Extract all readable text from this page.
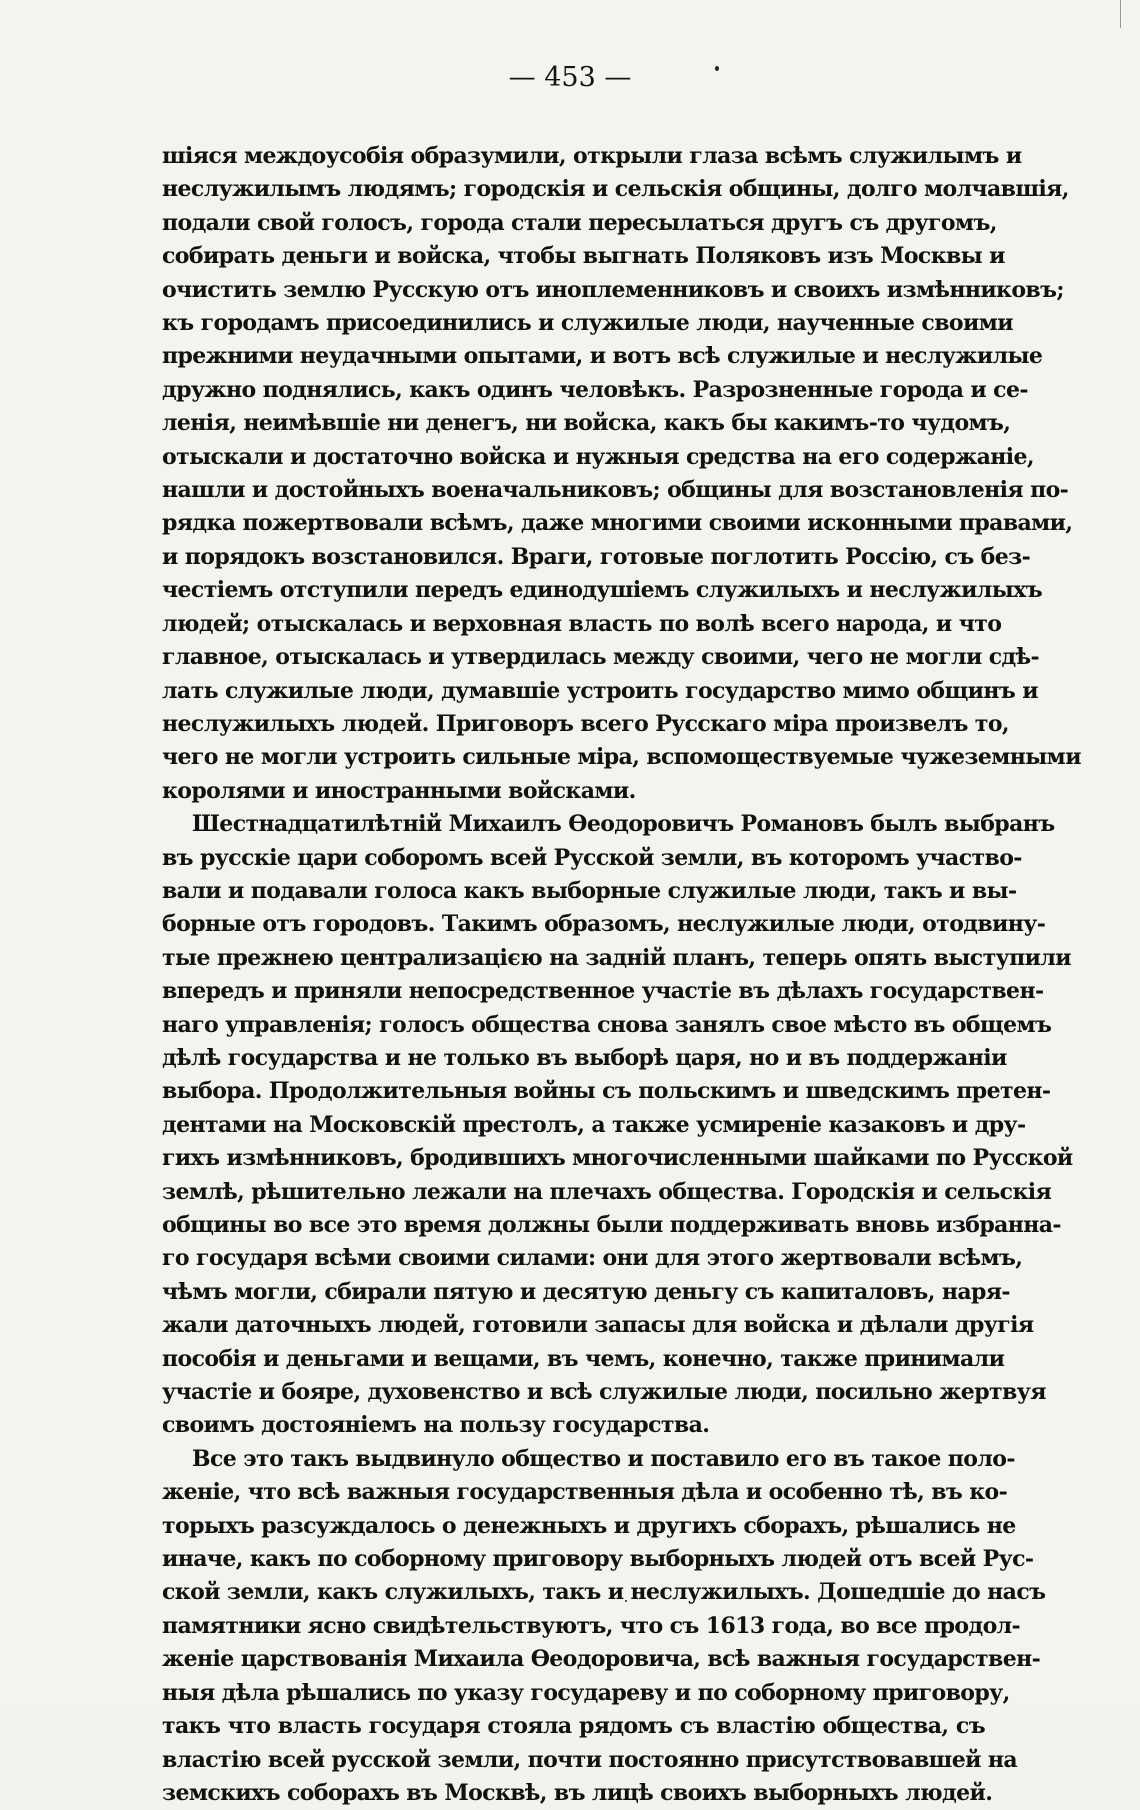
— 453 —
шіяся междоусобія образумили, открыли глаза всѣмъ служилымъ и
неслужилымъ людямъ; городскія и сельскія общины, долго молчавшія,
подали свой голосъ, города стали пересылаться другъ съ другомъ,
собирать деньги и войска, чтобы выгнать Поляковъ изъ Москвы и
очистить землю Русскую отъ иноплеменниковъ и своихъ измѣнниковъ;
къ городамъ присоединились и служилые люди, наученные своими
прежними неудачными опытами, и вотъ всѣ служилые и неслужилые
дружно поднялись, какъ одинъ человѣкъ. Разрозненные города и се-
ленія, неимѣвшіе ни денегъ, ни войска, какъ бы какимъ-то чудомъ,
отыскали и достаточно войска и нужныя средства на его содержаніе,
нашли и достойныхъ военачальниковъ; общины для возстановленія по-
рядка пожертвовали всѣмъ, даже многими своими исконными правами,
и порядокъ возстановился. Враги, готовые поглотить Россію, съ без-
честіемъ отступили передъ единодушіемъ служилыхъ и неслужилыхъ
людей; отыскалась и верховная власть по волѣ всего народа, и что
главное, отыскалась и утвердилась между своими, чего не могли сдѣ-
лать служилые люди, думавшіе устроить государство мимо общинъ и
неслужилыхъ людей. Приговоръ всего Русскаго міра произвелъ то,
чего не могли устроить сильные міра, вспомоществуемые чужеземными
королями и иностранными войсками.
Шестнадцатилѣтній Михаилъ Ѳеодоровичъ Романовъ былъ выбранъ
въ русскіе цари соборомъ всей Русской земли, въ которомъ участво-
вали и подавали голоса какъ выборные служилые люди, такъ и вы-
борные отъ городовъ. Такимъ образомъ, неслужилые люди, отодвину-
тые прежнею централизацією на задній планъ, теперь опять выступили
впередъ и приняли непосредственное участіе въ дѣлахъ государствен-
наго управленія; голосъ общества снова занялъ свое мѣсто въ общемъ
дѣлѣ государства и не только въ выборѣ царя, но и въ поддержаніи
выбора. Продолжительныя войны съ польскимъ и шведскимъ претен-
дентами на Московскій престолъ, а также усмиреніе казаковъ и дру-
гихъ измѣнниковъ, бродившихъ многочисленными шайками по Русской
землѣ, рѣшительно лежали на плечахъ общества. Городскія и сельскія
общины во все это время должны были поддерживать вновь избранна-
го государя всѣми своими силами: они для этого жертвовали всѣмъ,
чѣмъ могли, сбирали пятую и десятую деньгу съ капиталовъ, наря-
жали даточныхъ людей, готовили запасы для войска и дѣлали другія
пособія и деньгами и вещами, въ чемъ, конечно, также принимали
участіе и бояре, духовенство и всѣ служилые люди, посильно жертвуя
своимъ достояніемъ на пользу государства.
Все это такъ выдвинуло общество и поставило его въ такое поло-
женіе, что всѣ важныя государственныя дѣла и особенно тѣ, въ ко-
торыхъ разсуждалось о денежныхъ и другихъ сборахъ, рѣшались не
иначе, какъ по соборному приговору выборныхъ людей отъ всей Рус-
ской земли, какъ служилыхъ, такъ и неслужилыхъ. Дошедшіе до насъ
памятники ясно свидѣтельствуютъ, что съ 1613 года, во все продол-
женіе царствованія Михаила Ѳеодоровича, всѣ важныя государствен-
ныя дѣла рѣшались по указу государеву и по соборному приговору,
такъ что власть государя стояла рядомъ съ властію общества, съ
властію всей русской земли, почти постоянно присутствовавшей на
земскихъ соборахъ въ Москвѣ, въ лицѣ своихъ выборныхъ людей.
